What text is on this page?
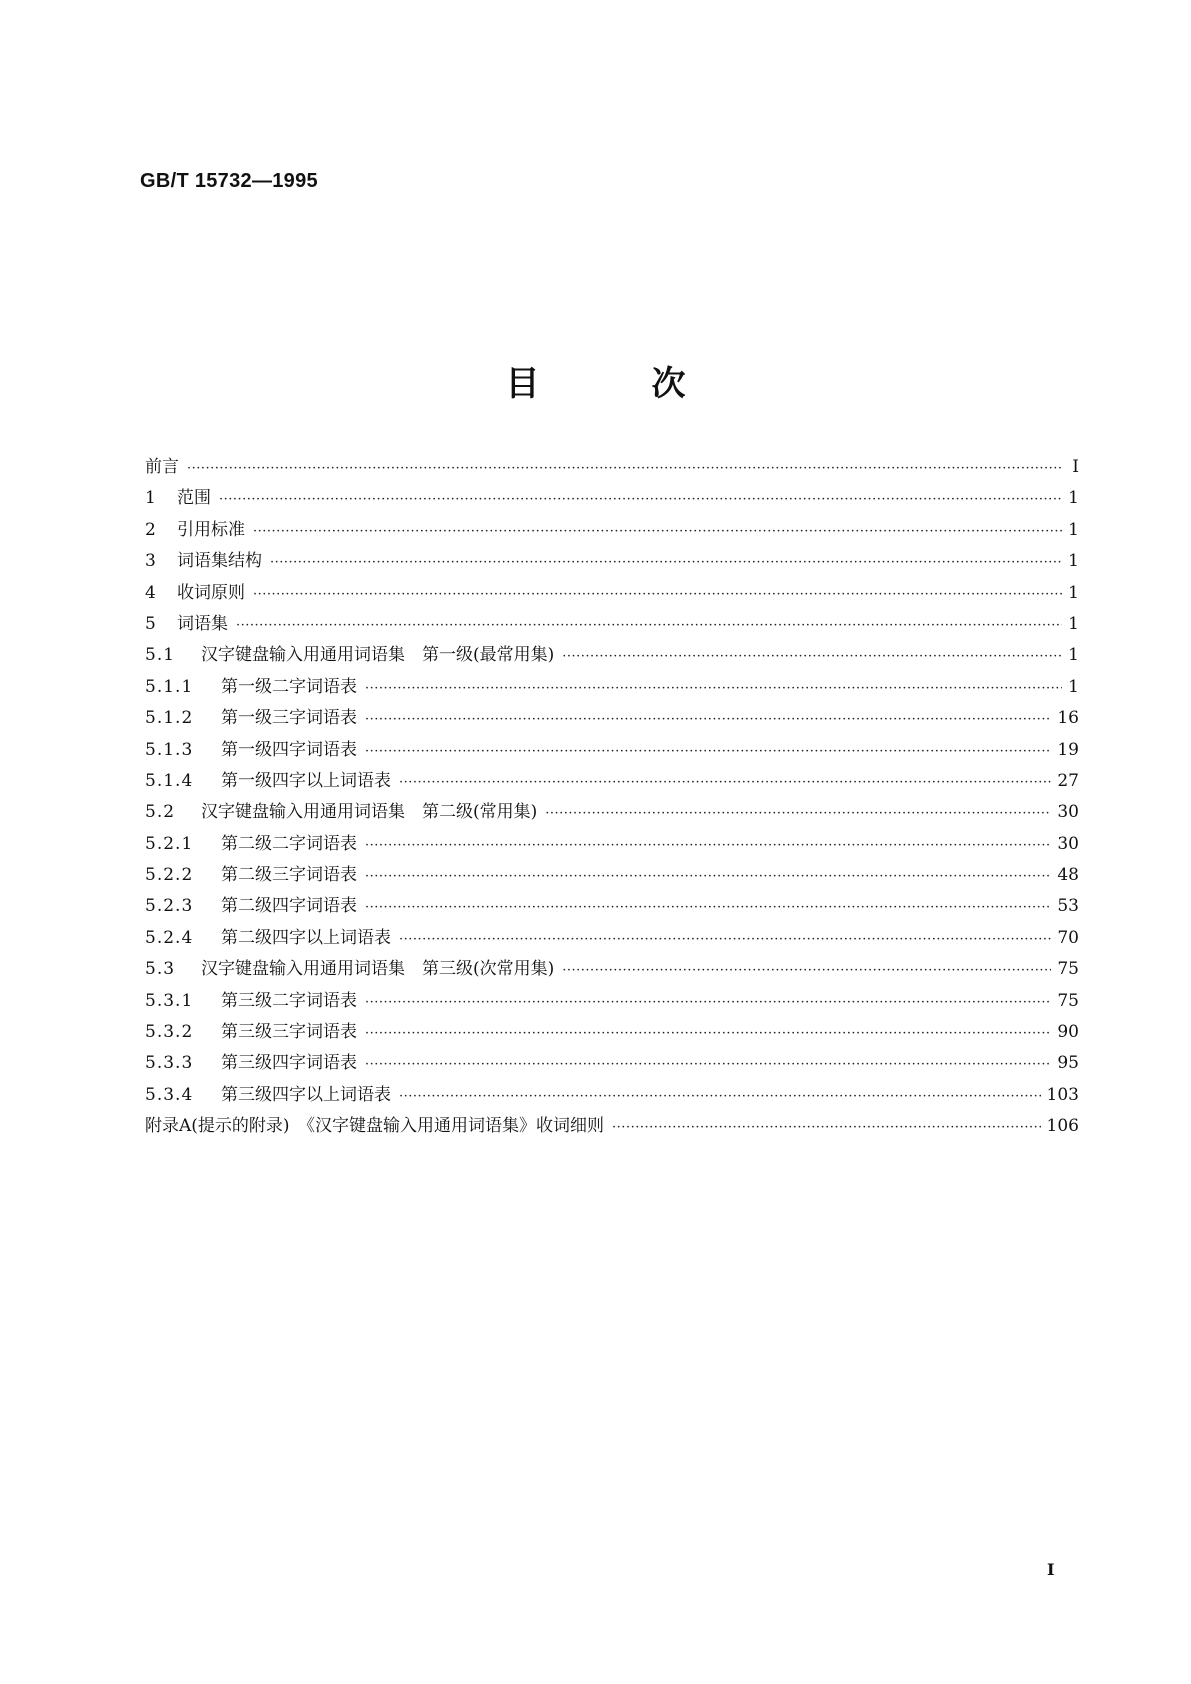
GB/T 15732—1995
目	次
前言 ·····	Ⅰ
1	范围 ·····	1
2	引用标准 ·····	1
3	词语集结构 ·····	1
4	收词原则 ·····	1
5	词语集 ·····	1
5.1	汉字键盘输入用通用词语集　第一级(最常用集) ·····	1
5.1.1	第一级二字词语表 ·····	1
5.1.2	第一级三字词语表 ·····	16
5.1.3	第一级四字词语表 ·····	19
5.1.4	第一级四字以上词语表 ·····	27
5.2	汉字键盘输入用通用词语集　第二级(常用集) ·····	30
5.2.1	第二级二字词语表 ·····	30
5.2.2	第二级三字词语表 ·····	48
5.2.3	第二级四字词语表 ·····	53
5.2.4	第二级四字以上词语表 ·····	70
5.3	汉字键盘输入用通用词语集　第三级(次常用集) ·····	75
5.3.1	第三级二字词语表 ·····	75
5.3.2	第三级三字词语表 ·····	90
5.3.3	第三级四字词语表 ·····	95
5.3.4	第三级四字以上词语表 ·····	103
附录A(提示的附录)　《汉字键盘输入用通用词语集》收词细则 ·····	106
I
